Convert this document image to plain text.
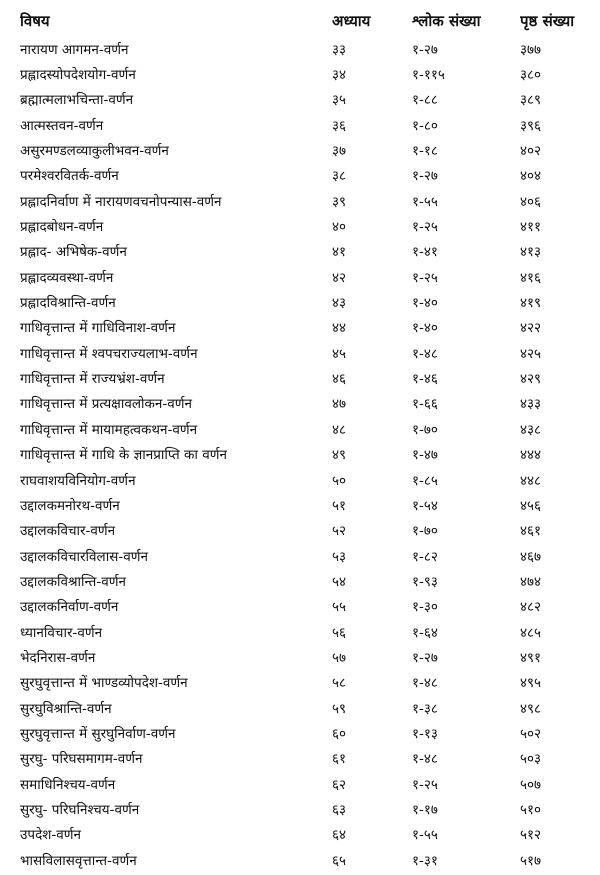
विषय	अध्याय	श्लोक संख्या	पृष्ठ संख्या
नारायण आगमन-वर्णन	३३	१-२७	३७७
प्रह्लादस्योपदेशयोग-वर्णन	३४	१-११५	३८०
ब्रह्मात्मलाभचिन्ता-वर्णन	३५	१-८८	३८९
आत्मस्तवन-वर्णन	३६	१-८०	३९६
असुरमण्डलव्याकुलीभवन-वर्णन	३७	१-१८	४०२
परमेश्वरवितर्क-वर्णन	३८	१-२७	४०४
प्रह्लादनिर्वाण में नारायणवचनोपन्यास-वर्णन	३९	१-५५	४०६
प्रह्लादबोधन-वर्णन	४०	१-२५	४११
प्रह्लाद- अभिषेक-वर्णन	४१	१-४१	४१३
प्रह्लादव्यवस्था-वर्णन	४२	१-२५	४१६
प्रह्लादविश्रान्ति-वर्णन	४३	१-४०	४१९
गाधिवृत्तान्त में गाधिविनाश-वर्णन	४४	१-४०	४२२
गाधिवृत्तान्त में श्वपचराज्यलाभ-वर्णन	४५	१-४८	४२५
गाधिवृत्तान्त में राज्यभ्रंश-वर्णन	४६	१-४६	४२९
गाधिवृत्तान्त में प्रत्यक्षावलोकन-वर्णन	४७	१-६६	४३३
गाधिवृत्तान्त में मायामहत्वकथन-वर्णन	४८	१-७०	४३८
गाधिवृत्तान्त में गाधि के ज्ञानप्राप्ति का वर्णन	४९	१-४७	४४४
राघवाशयविनियोग-वर्णन	५०	१-८५	४४८
उद्दालकमनोरथ-वर्णन	५१	१-५४	४५६
उद्दालकविचार-वर्णन	५२	१-७०	४६१
उद्दालकविचारविलास-वर्णन	५३	१-८२	४६७
उद्दालकविश्रान्ति-वर्णन	५४	१-९३	४७४
उद्दालकनिर्वाण-वर्णन	५५	१-३०	४८२
ध्यानविचार-वर्णन	५६	१-६४	४८५
भेदनिरास-वर्णन	५७	१-२७	४९१
सुरघुवृत्तान्त में भाण्डव्योपदेश-वर्णन	५८	१-४८	४९५
सुरघुविश्रान्ति-वर्णन	५९	१-३८	४९८
सुरघुवृत्तान्त में सुरघुनिर्वाण-वर्णन	६०	१-१३	५०२
सुरघु- परिघसमागम-वर्णन	६१	१-४८	५०३
समाधिनिश्चय-वर्णन	६२	१-२५	५०७
सुरघु- परिघनिश्चय-वर्णन	६३	१-१७	५१०
उपदेश-वर्णन	६४	१-५५	५१२
भासविलासवृत्तान्त-वर्णन	६५	१-३१	५१७
